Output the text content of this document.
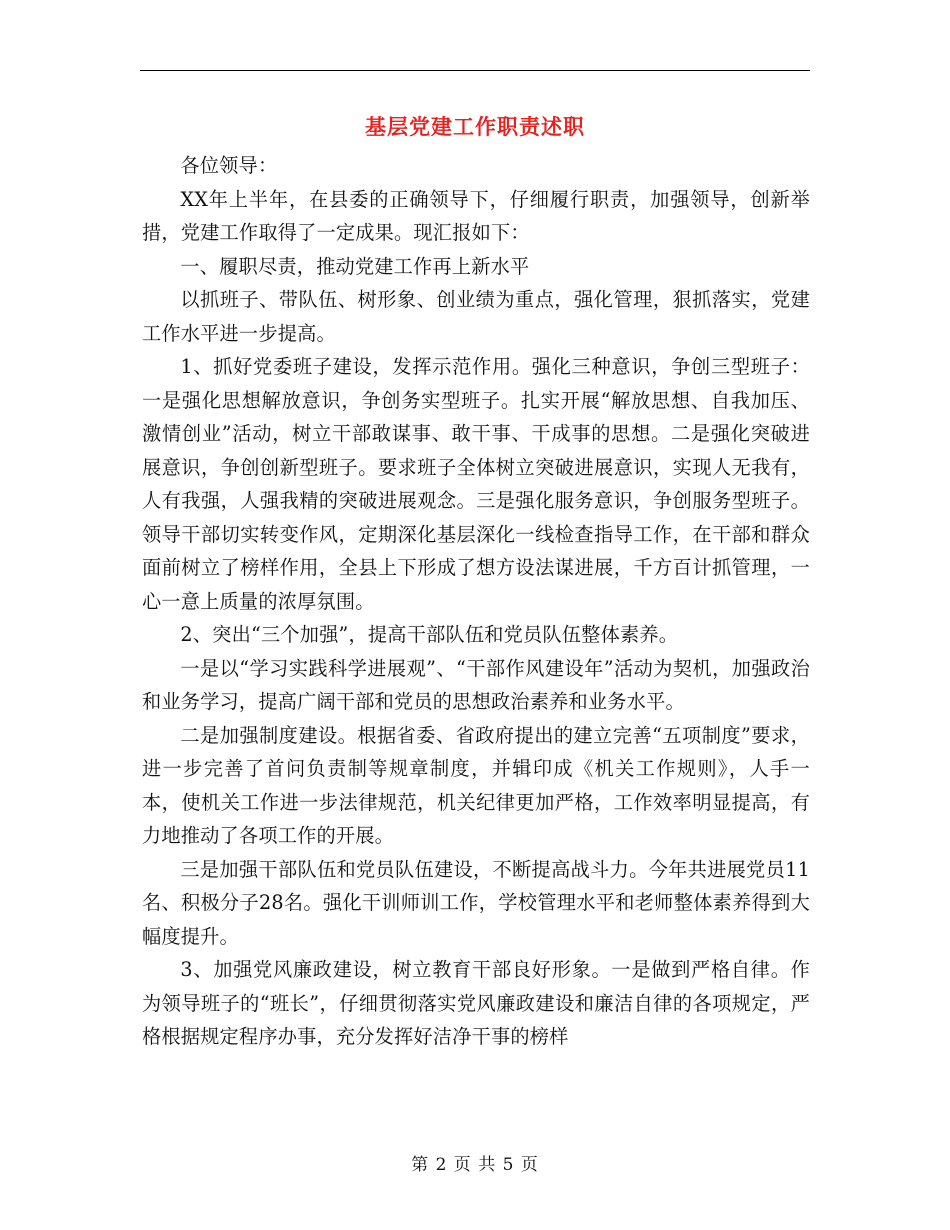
基层党建工作职责述职

各位领导：

XX年上半年，在县委的正确领导下，仔细履行职责，加强领导，创新举措，党建工作取得了一定成果。现汇报如下：

一、履职尽责，推动党建工作再上新水平

以抓班子、带队伍、树形象、创业绩为重点，强化管理，狠抓落实，党建工作水平进一步提高。

1、抓好党委班子建设，发挥示范作用。强化三种意识，争创三型班子：一是强化思想解放意识，争创务实型班子。扎实开展“解放思想、自我加压、激情创业”活动，树立干部敢谋事、敢干事、干成事的思想。二是强化突破进展意识，争创创新型班子。要求班子全体树立突破进展意识，实现人无我有，人有我强，人强我精的突破进展观念。三是强化服务意识，争创服务型班子。领导干部切实转变作风，定期深化基层深化一线检查指导工作，在干部和群众面前树立了榜样作用，全县上下形成了想方设法谋进展，千方百计抓管理，一心一意上质量的浓厚氛围。

2、突出“三个加强”，提高干部队伍和党员队伍整体素养。

一是以“学习实践科学进展观”、“干部作风建设年”活动为契机，加强政治和业务学习，提高广阔干部和党员的思想政治素养和业务水平。

二是加强制度建设。根据省委、省政府提出的建立完善“五项制度”要求，进一步完善了首问负责制等规章制度，并辑印成《机关工作规则》，人手一本，使机关工作进一步法律规范，机关纪律更加严格，工作效率明显提高，有力地推动了各项工作的开展。

三是加强干部队伍和党员队伍建设，不断提高战斗力。今年共进展党员11名、积极分子28名。强化干训师训工作，学校管理水平和老师整体素养得到大幅度提升。

3、加强党风廉政建设，树立教育干部良好形象。一是做到严格自律。作为领导班子的“班长”，仔细贯彻落实党风廉政建设和廉洁自律的各项规定，严格根据规定程序办事，充分发挥好洁净干事的榜样

第 2 页 共 5 页
